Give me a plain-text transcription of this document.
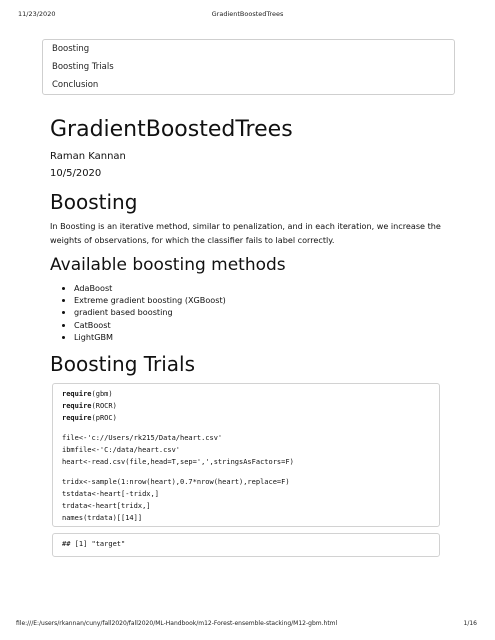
11/23/2020	GradientBoostedTrees
Boosting
Boosting Trials
Conclusion
GradientBoostedTrees
Raman Kannan
10/5/2020
Boosting

In Boosting is an iterative method, similar to penalization, and in each iteration, we increase the weights of observations, for which the classifier fails to label correctly.

Available boosting methods
• AdaBoost
• Extreme gradient boosting (XGBoost)
• gradient based boosting
• CatBoost
• LightGBM
Boosting Trials
require(gbm)
require(ROCR)
require(pROC)
file<-'c://Users/rk215/Data/heart.csv'
ibmfile<-'C:/data/heart.csv'
heart<-read.csv(file,head=T,sep=',',stringsAsFactors=F)
tridx<-sample(1:nrow(heart),0.7*nrow(heart),replace=F)
tstdata<-heart[-tridx,]
trdata<-heart[tridx,]
names(trdata)[[14]]
## [1] "target"
file:///E:/users/rkannan/cuny/fall2020/fall2020/ML-Handbook/m12-Forest-ensemble-stacking/M12-gbm.html	1/16
